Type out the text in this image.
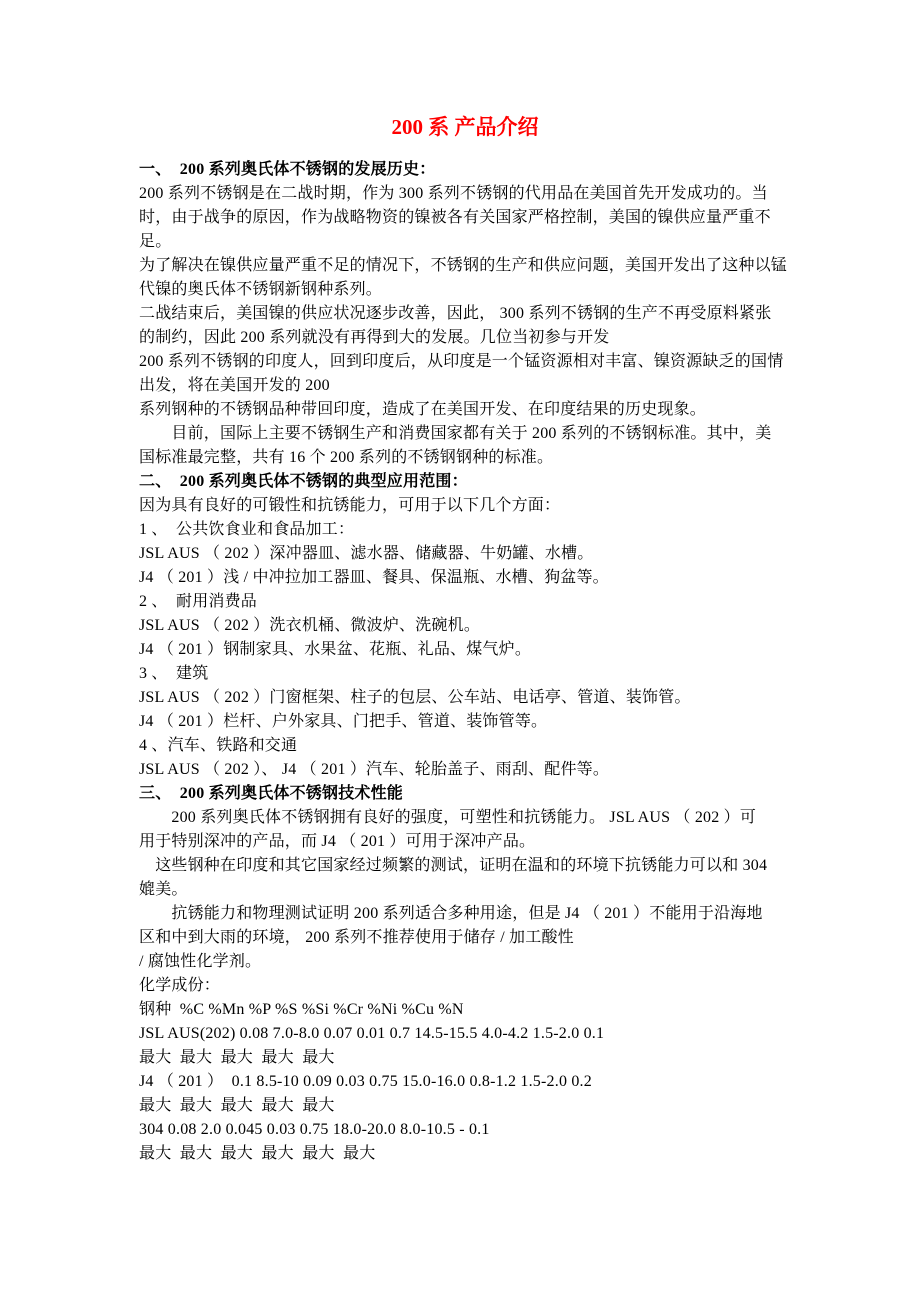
200 系 产品介绍
一、  200 系列奥氏体不锈钢的发展历史：
200 系列不锈钢是在二战时期，作为 300 系列不锈钢的代用品在美国首先开发成功的。当
时，由于战争的原因，作为战略物资的镍被各有关国家严格控制，美国的镍供应量严重不足。
为了解决在镍供应量严重不足的情况下，不锈钢的生产和供应问题，美国开发出了这种以锰
代镍的奥氏体不锈钢新钢种系列。
二战结束后，美国镍的供应状况逐步改善，因此， 300 系列不锈钢的生产不再受原料紧张
的制约，因此 200 系列就没有再得到大的发展。几位当初参与开发
200 系列不锈钢的印度人，回到印度后，从印度是一个锰资源相对丰富、镍资源缺乏的国情
出发，将在美国开发的 200
系列钢种的不锈钢品种带回印度，造成了在美国开发、在印度结果的历史现象。
　　目前，国际上主要不锈钢生产和消费国家都有关于 200 系列的不锈钢标准。其中，美
国标准最完整，共有 16 个 200 系列的不锈钢钢种的标准。
二、  200 系列奥氏体不锈钢的典型应用范围：
因为具有良好的可锻性和抗锈能力，可用于以下几个方面：
1 、  公共饮食业和食品加工：
JSL AUS （ 202 ）深冲器皿、滤水器、储藏器、牛奶罐、水槽。
J4 （ 201 ）浅 / 中冲拉加工器皿、餐具、保温瓶、水槽、狗盆等。
2 、  耐用消费品
JSL AUS （ 202 ）洗衣机桶、微波炉、洗碗机。
J4 （ 201 ）钢制家具、水果盆、花瓶、礼品、煤气炉。
3 、  建筑
JSL AUS （ 202 ）门窗框架、柱子的包层、公车站、电话亭、管道、装饰管。
J4 （ 201 ）栏杆、户外家具、门把手、管道、装饰管等。
4 、汽车、铁路和交通
JSL AUS （ 202 ）、 J4 （ 201 ）汽车、轮胎盖子、雨刮、配件等。
三、  200 系列奥氏体不锈钢技术性能
　　200 系列奥氏体不锈钢拥有良好的强度，可塑性和抗锈能力。 JSL AUS （ 202 ）可
用于特别深冲的产品，而 J4 （ 201 ）可用于深冲产品。
　这些钢种在印度和其它国家经过频繁的测试，证明在温和的环境下抗锈能力可以和 304
媲美。
　　抗锈能力和物理测试证明 200 系列适合多种用途，但是 J4 （ 201 ）不能用于沿海地
区和中到大雨的环境， 200 系列不推荐使用于储存 / 加工酸性
/ 腐蚀性化学剂。
化学成份：
钢种  %C %Mn %P %S %Si %Cr %Ni %Cu %N
JSL AUS(202) 0.08 7.0-8.0 0.07 0.01 0.7 14.5-15.5 4.0-4.2 1.5-2.0 0.1
最大  最大  最大  最大  最大
J4 （ 201 ）  0.1 8.5-10 0.09 0.03 0.75 15.0-16.0 0.8-1.2 1.5-2.0 0.2
最大  最大  最大  最大  最大
304 0.08 2.0 0.045 0.03 0.75 18.0-20.0 8.0-10.5 - 0.1
最大  最大  最大  最大  最大  最大
